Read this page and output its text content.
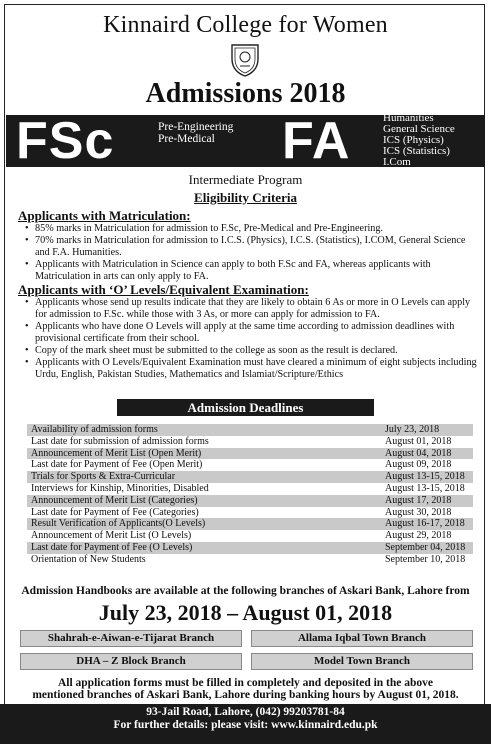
Kinnaird College for Women
Admissions 2018
FSc	Pre-Engineering
Pre-Medical	FA	Humanities
General Science
ICS (Physics)
ICS (Statistics)
I.Com
Intermediate Program
Eligibility Criteria

Applicants with Matriculation:

• 85% marks in Matriculation for admission to F.Sc, Pre-Medical and Pre-Engineering.
• 70% marks in Matriculation for admission to I.C.S. (Physics), I.C.S. (Statistics), I.COM, General Science and F.A. Humanities.
• Applicants with Matriculation in Science can apply to both F.Sc and FA, whereas applicants with Matriculation in arts can only apply to FA.

Applicants with ‘O’ Levels/Equivalent Examination:

• Applicants whose send up results indicate that they are likely to obtain 6 As or more in O Levels can apply for admission to F.Sc. while those with 3 As, or more can apply for admission to FA.
• Applicants who have done O Levels will apply at the same time according to admission deadlines with provisional certificate from their school.
• Copy of the mark sheet must be submitted to the college as soon as the result is declared.
• Applicants with O Levels/Equivalent Examination must have cleared a minimum of eight subjects including Urdu, English, Pakistan Studies, Mathematics and Islamiat/Scripture/Ethics
Admission Deadlines
Availability of admission forms	July 23, 2018
Last date for submission of admission forms	August 01, 2018
Announcement of Merit List (Open Merit)	August 04, 2018
Last date for Payment of Fee (Open Merit)	August 09, 2018
Trials for Sports & Extra-Curricular	August 13-15, 2018
Interviews for Kinship, Minorities, Disabled	August 13-15, 2018
Announcement of Merit List (Categories)	August 17, 2018
Last date for Payment of Fee (Categories)	August 30, 2018
Result Verification of Applicants(O Levels)	August 16-17, 2018
Announcement of Merit List (O Levels)	August 29, 2018
Last date for Payment of Fee (O Levels)	September 04, 2018
Orientation of New Students	September 10, 2018
Admission Handbooks are available at the following branches of Askari Bank, Lahore from
July 23, 2018 – August 01, 2018
Shahrah-e-Aiwan-e-Tijarat Branch	Allama Iqbal Town Branch
DHA – Z Block Branch	Model Town Branch
All application forms must be filled in completely and deposited in the above
mentioned branches of Askari Bank, Lahore during banking hours by August 01, 2018.
93-Jail Road, Lahore, (042) 99203781-84
For further details: please visit: www.kinnaird.edu.pk
